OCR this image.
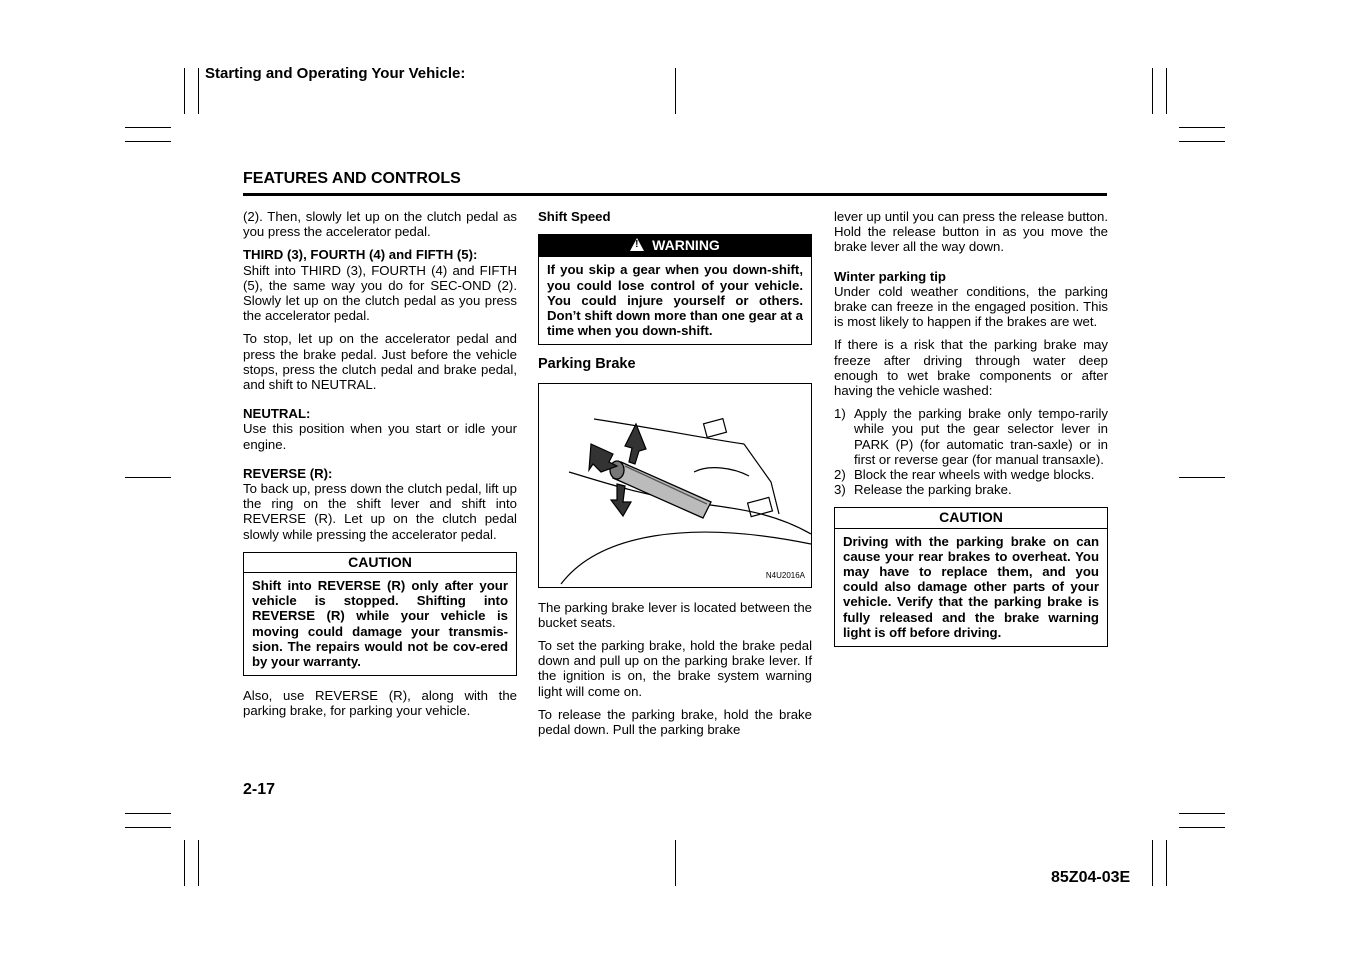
Starting and Operating Your Vehicle:
FEATURES AND CONTROLS

(2). Then, slowly let up on the clutch pedal as you press the accelerator pedal.

THIRD (3), FOURTH (4) and FIFTH (5):

Shift into THIRD (3), FOURTH (4) and FIFTH (5), the same way you do for SEC-OND (2). Slowly let up on the clutch pedal as you press the accelerator pedal.

To stop, let up on the accelerator pedal and press the brake pedal. Just before the vehicle stops, press the clutch pedal and brake pedal, and shift to NEUTRAL.

NEUTRAL:

Use this position when you start or idle your engine.

REVERSE (R):

To back up, press down the clutch pedal, lift up the ring on the shift lever and shift into REVERSE (R). Let up on the clutch pedal slowly while pressing the accelerator pedal.

CAUTION
Shift into REVERSE (R) only after your vehicle is stopped. Shifting into REVERSE (R) while your vehicle is moving could damage your transmis-sion. The repairs would not be cov-ered by your warranty.

Also, use REVERSE (R), along with the parking brake, for parking your vehicle.

Shift Speed

! WARNING
If you skip a gear when you down-shift, you could lose control of your vehicle. You could injure yourself or others. Don’t shift down more than one gear at a time when you down-shift.

Parking Brake

N4U2016A

The parking brake lever is located between the bucket seats.

To set the parking brake, hold the brake pedal down and pull up on the parking brake lever. If the ignition is on, the brake system warning light will come on.

To release the parking brake, hold the brake pedal down. Pull the parking brake

lever up until you can press the release button. Hold the release button in as you move the brake lever all the way down.

Winter parking tip

Under cold weather conditions, the parking brake can freeze in the engaged position. This is most likely to happen if the brakes are wet.

If there is a risk that the parking brake may freeze after driving through water deep enough to wet brake components or after having the vehicle washed:

1) Apply the parking brake only tempo-rarily while you put the gear selector lever in PARK (P) (for automatic tran-saxle) or in first or reverse gear (for manual transaxle).
2) Block the rear wheels with wedge blocks.
3) Release the parking brake.
CAUTION
Driving with the parking brake on can cause your rear brakes to overheat. You may have to replace them, and you could also damage other parts of your vehicle. Verify that the parking brake is fully released and the brake warning light is off before driving.
2-17
85Z04-03E
